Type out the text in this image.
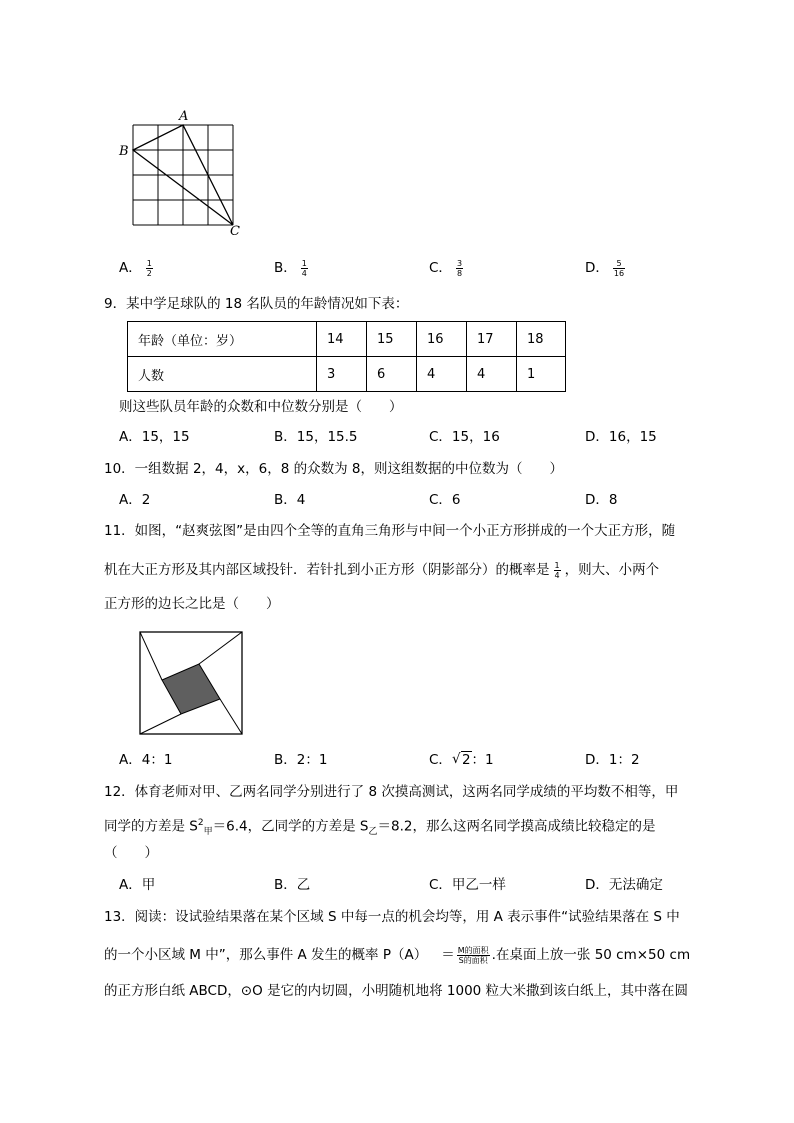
A
B
C
A． $\frac{1}{2}$	B． $\frac{1}{4}$	C． $\frac{3}{8}$	D． $\frac{5}{16}$
9．某中学足球队的 18 名队员的年龄情况如下表：
年龄（单位：岁）	14	15	16	17	18
人数	3	6	4	4	1
则这些队员年龄的众数和中位数分别是（　　）
A．15，15	B．15，15.5	C．15，16	D．16，15
10．一组数据 2，4，x，6，8 的众数为 8，则这组数据的中位数为（　　）
A．2	B．4	C．6	D．8
11．如图，“赵爽弦图”是由四个全等的直角三角形与中间一个小正方形拼成的一个大正方形，随
机在大正方形及其内部区域投针．若针扎到小正方形（阴影部分）的概率是 $\frac{1}{4}$ ，则大、小两个
正方形的边长之比是（　　）
A．4：1	B．2：1	C． √ 2：1	D．1：2
12．体育老师对甲、乙两名同学分别进行了 8 次摸高测试，这两名同学成绩的平均数不相等，甲
同学的方差是 $S^2_甲=6.4$，乙同学的方差是 $S_乙=8.2$，那么这两名同学摸高成绩比较稳定的是
（　　）
A．甲	B．乙	C．甲乙一样	D．无法确定
13．阅读：设试验结果落在某个区域 S 中每一点的机会均等，用 A 表示事件“试验结果落在 S 中
的一个小区域 M 中”，那么事件 A 发生的概率 $P(A) = \frac{\text{M的面积}}{\text{S的面积}}$ .在桌面上放一张 50 cm×50 cm
的正方形白纸 ABCD，⊙O 是它的内切圆，小明随机地将 1000 粒大米撒到该白纸上，其中落在圆
